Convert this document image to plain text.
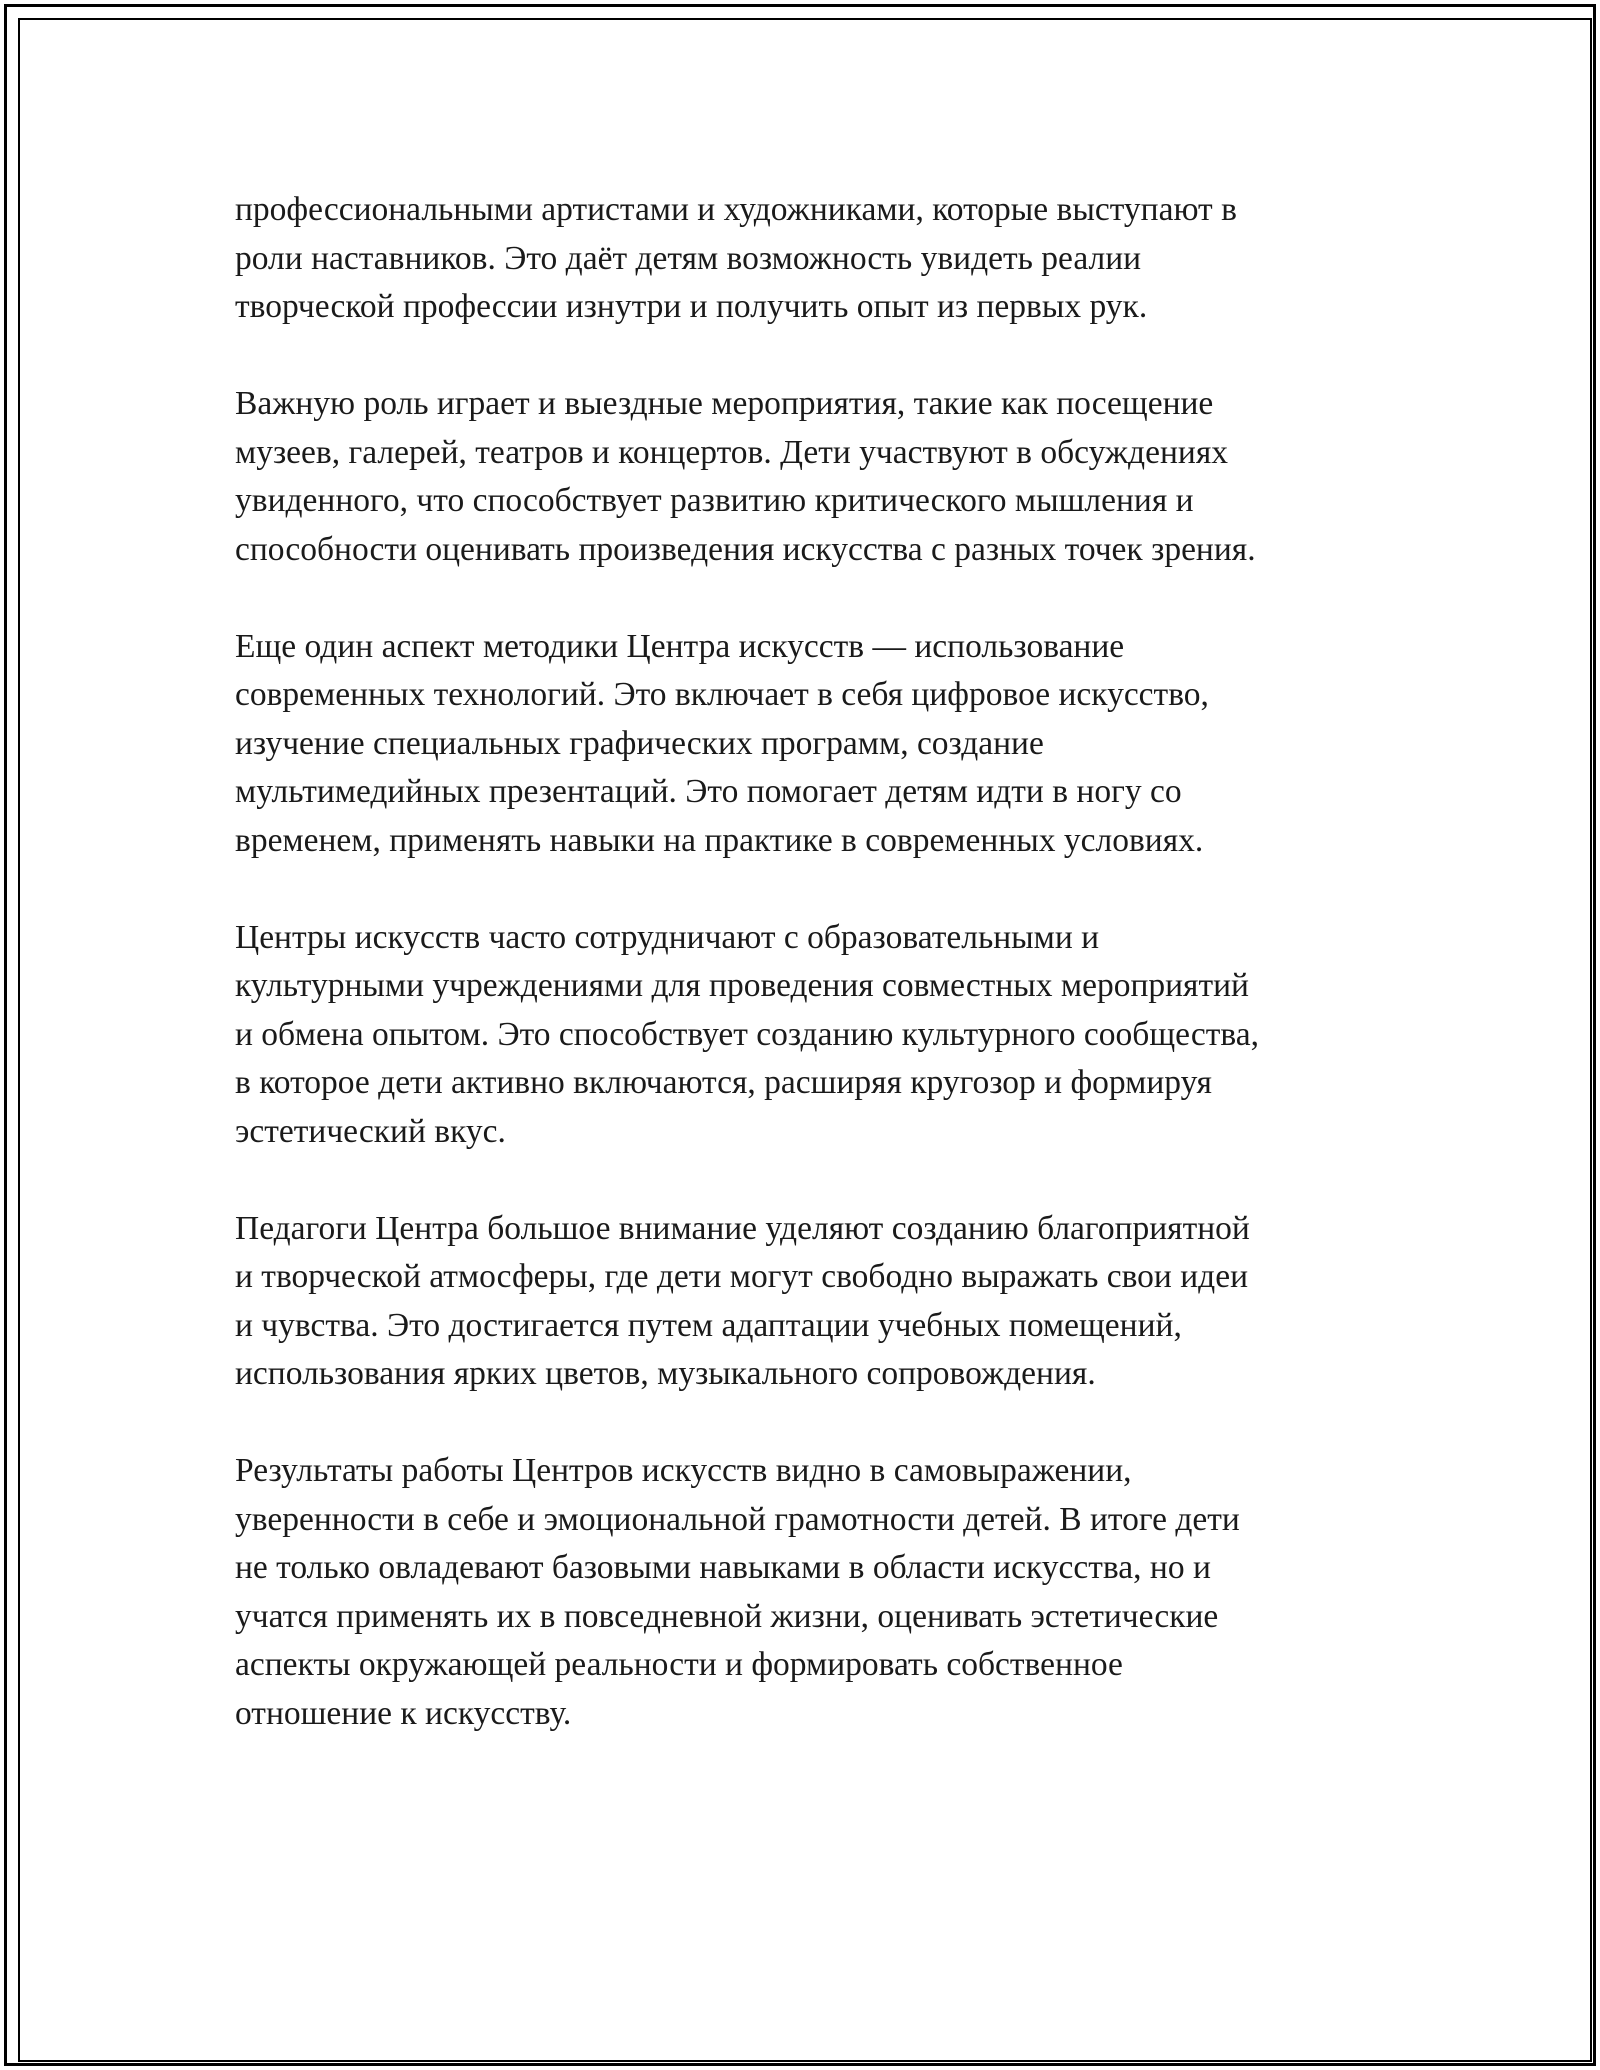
профессиональными артистами и художниками, которые выступают в
роли наставников. Это даёт детям возможность увидеть реалии
творческой профессии изнутри и получить опыт из первых рук.

Важную роль играет и выездные мероприятия, такие как посещение
музеев, галерей, театров и концертов. Дети участвуют в обсуждениях
увиденного, что способствует развитию критического мышления и
способности оценивать произведения искусства с разных точек зрения.

Еще один аспект методики Центра искусств — использование
современных технологий. Это включает в себя цифровое искусство,
изучение специальных графических программ, создание
мультимедийных презентаций. Это помогает детям идти в ногу со
временем, применять навыки на практике в современных условиях.

Центры искусств часто сотрудничают с образовательными и
культурными учреждениями для проведения совместных мероприятий
и обмена опытом. Это способствует созданию культурного сообщества,
в которое дети активно включаются, расширяя кругозор и формируя
эстетический вкус.

Педагоги Центра большое внимание уделяют созданию благоприятной
и творческой атмосферы, где дети могут свободно выражать свои идеи
и чувства. Это достигается путем адаптации учебных помещений,
использования ярких цветов, музыкального сопровождения.

Результаты работы Центров искусств видно в самовыражении,
уверенности в себе и эмоциональной грамотности детей. В итоге дети
не только овладевают базовыми навыками в области искусства, но и
учатся применять их в повседневной жизни, оценивать эстетические
аспекты окружающей реальности и формировать собственное
отношение к искусству.
